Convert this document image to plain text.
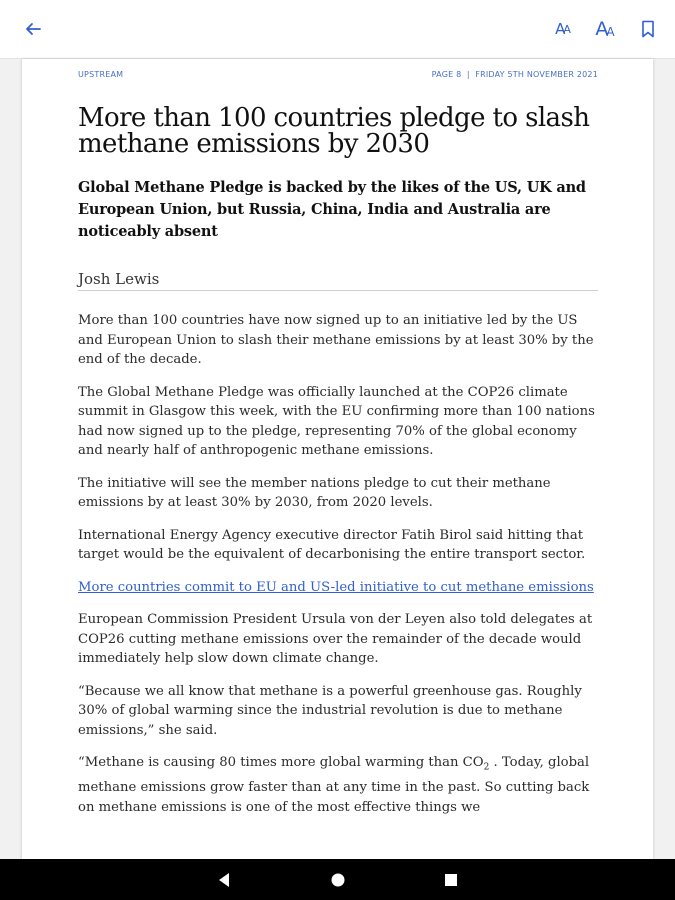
A
A A
A
UPSTREAM	PAGE 8  |  FRIDAY 5TH NOVEMBER 2021
More than 100 countries pledge to slash methane emissions by 2030

Global Methane Pledge is backed by the likes of the US, UK and European Union, but Russia, China, India and Australia are noticeably absent

Josh Lewis

More than 100 countries have now signed up to an initiative led by the US and European Union to slash their methane emissions by at least 30% by the end of the decade.

The Global Methane Pledge was officially launched at the COP26 climate summit in Glasgow this week, with the EU confirming more than 100 nations had now signed up to the pledge, representing 70% of the global economy and nearly half of anthropogenic methane emissions.

The initiative will see the member nations pledge to cut their methane emissions by at least 30% by 2030, from 2020 levels.

International Energy Agency executive director Fatih Birol said hitting that target would be the equivalent of decarbonising the entire transport sector.

More countries commit to EU and US-led initiative to cut methane emissions

European Commission President Ursula von der Leyen also told delegates at COP26 cutting methane emissions over the remainder of the decade would immediately help slow down climate change.

“Because we all know that methane is a powerful greenhouse gas. Roughly 30% of global warming since the industrial revolution is due to methane emissions,” she said.

“Methane is causing 80 times more global warming than $CO_2$ . Today, global methane emissions grow faster than at any time in the past. So cutting back on methane emissions is one of the most effective things we
